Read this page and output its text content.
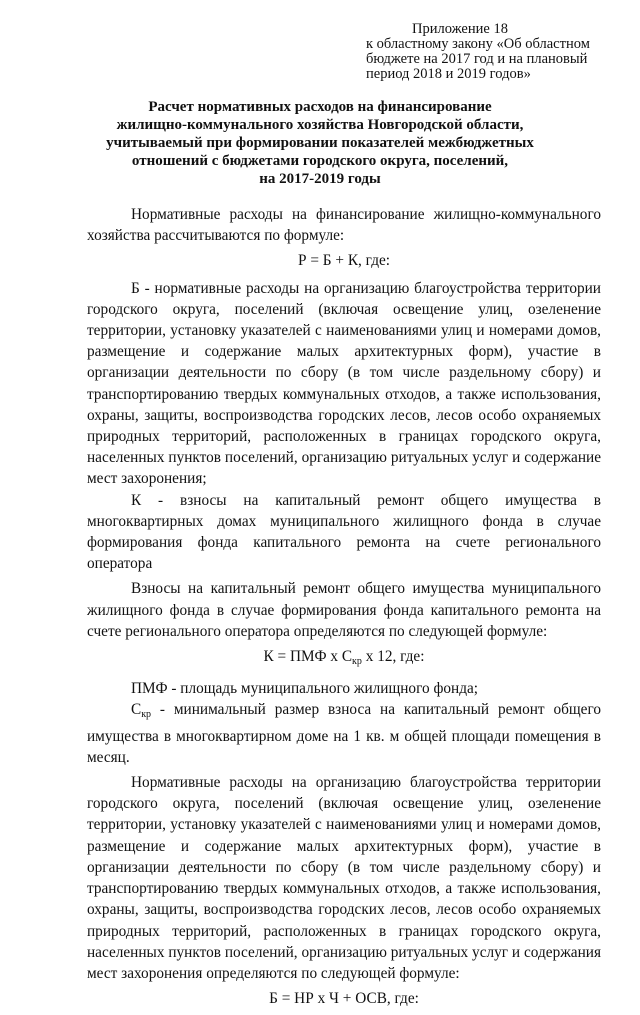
Приложение 18
к областному закону «Об областном
бюджете на 2017 год и на плановый
период 2018 и 2019 годов»
Расчет нормативных расходов на финансирование
жилищно-коммунального хозяйства Новгородской области,
учитываемый при формировании показателей межбюджетных
отношений с бюджетами городского округа, поселений,
на 2017-2019 годы

Нормативные расходы на финансирование жилищно-коммунального хозяйства рассчитываются по формуле:

Р = Б + К, где:

Б - нормативные расходы на организацию благоустройства территории городского округа, поселений (включая освещение улиц, озеленение территории, установку указателей с наименованиями улиц и номерами домов, размещение и содержание малых архитектурных форм), участие в организации деятельности по сбору (в том числе раздельному сбору) и транспортированию твердых коммунальных отходов, а также использования, охраны, защиты, воспроизводства городских лесов, лесов особо охраняемых природных территорий, расположенных в границах городского округа, населенных пунктов поселений, организацию ритуальных услуг и содержание мест захоронения;

К - взносы на капитальный ремонт общего имущества в многоквартирных домах муниципального жилищного фонда в случае формирования фонда капитального ремонта на счете регионального оператора

Взносы на капитальный ремонт общего имущества муниципального жилищного фонда в случае формирования фонда капитального ремонта на счете регионального оператора определяются по следующей формуле:

К = ПМФ х $С_{кр}$ х 12, где:

ПМФ - площадь муниципального жилищного фонда;

$С_{кр}$ - минимальный размер взноса на капитальный ремонт общего имущества в многоквартирном доме на 1 кв. м общей площади помещения в месяц.

Нормативные расходы на организацию благоустройства территории городского округа, поселений (включая освещение улиц, озеленение территории, установку указателей с наименованиями улиц и номерами домов, размещение и содержание малых архитектурных форм), участие в организации деятельности по сбору (в том числе раздельному сбору) и транспортированию твердых коммунальных отходов, а также использования, охраны, защиты, воспроизводства городских лесов, лесов особо охраняемых природных территорий, расположенных в границах городского округа, населенных пунктов поселений, организацию ритуальных услуг и содержания мест захоронения определяются по следующей формуле:

Б = НР х Ч + ОСВ, где:
